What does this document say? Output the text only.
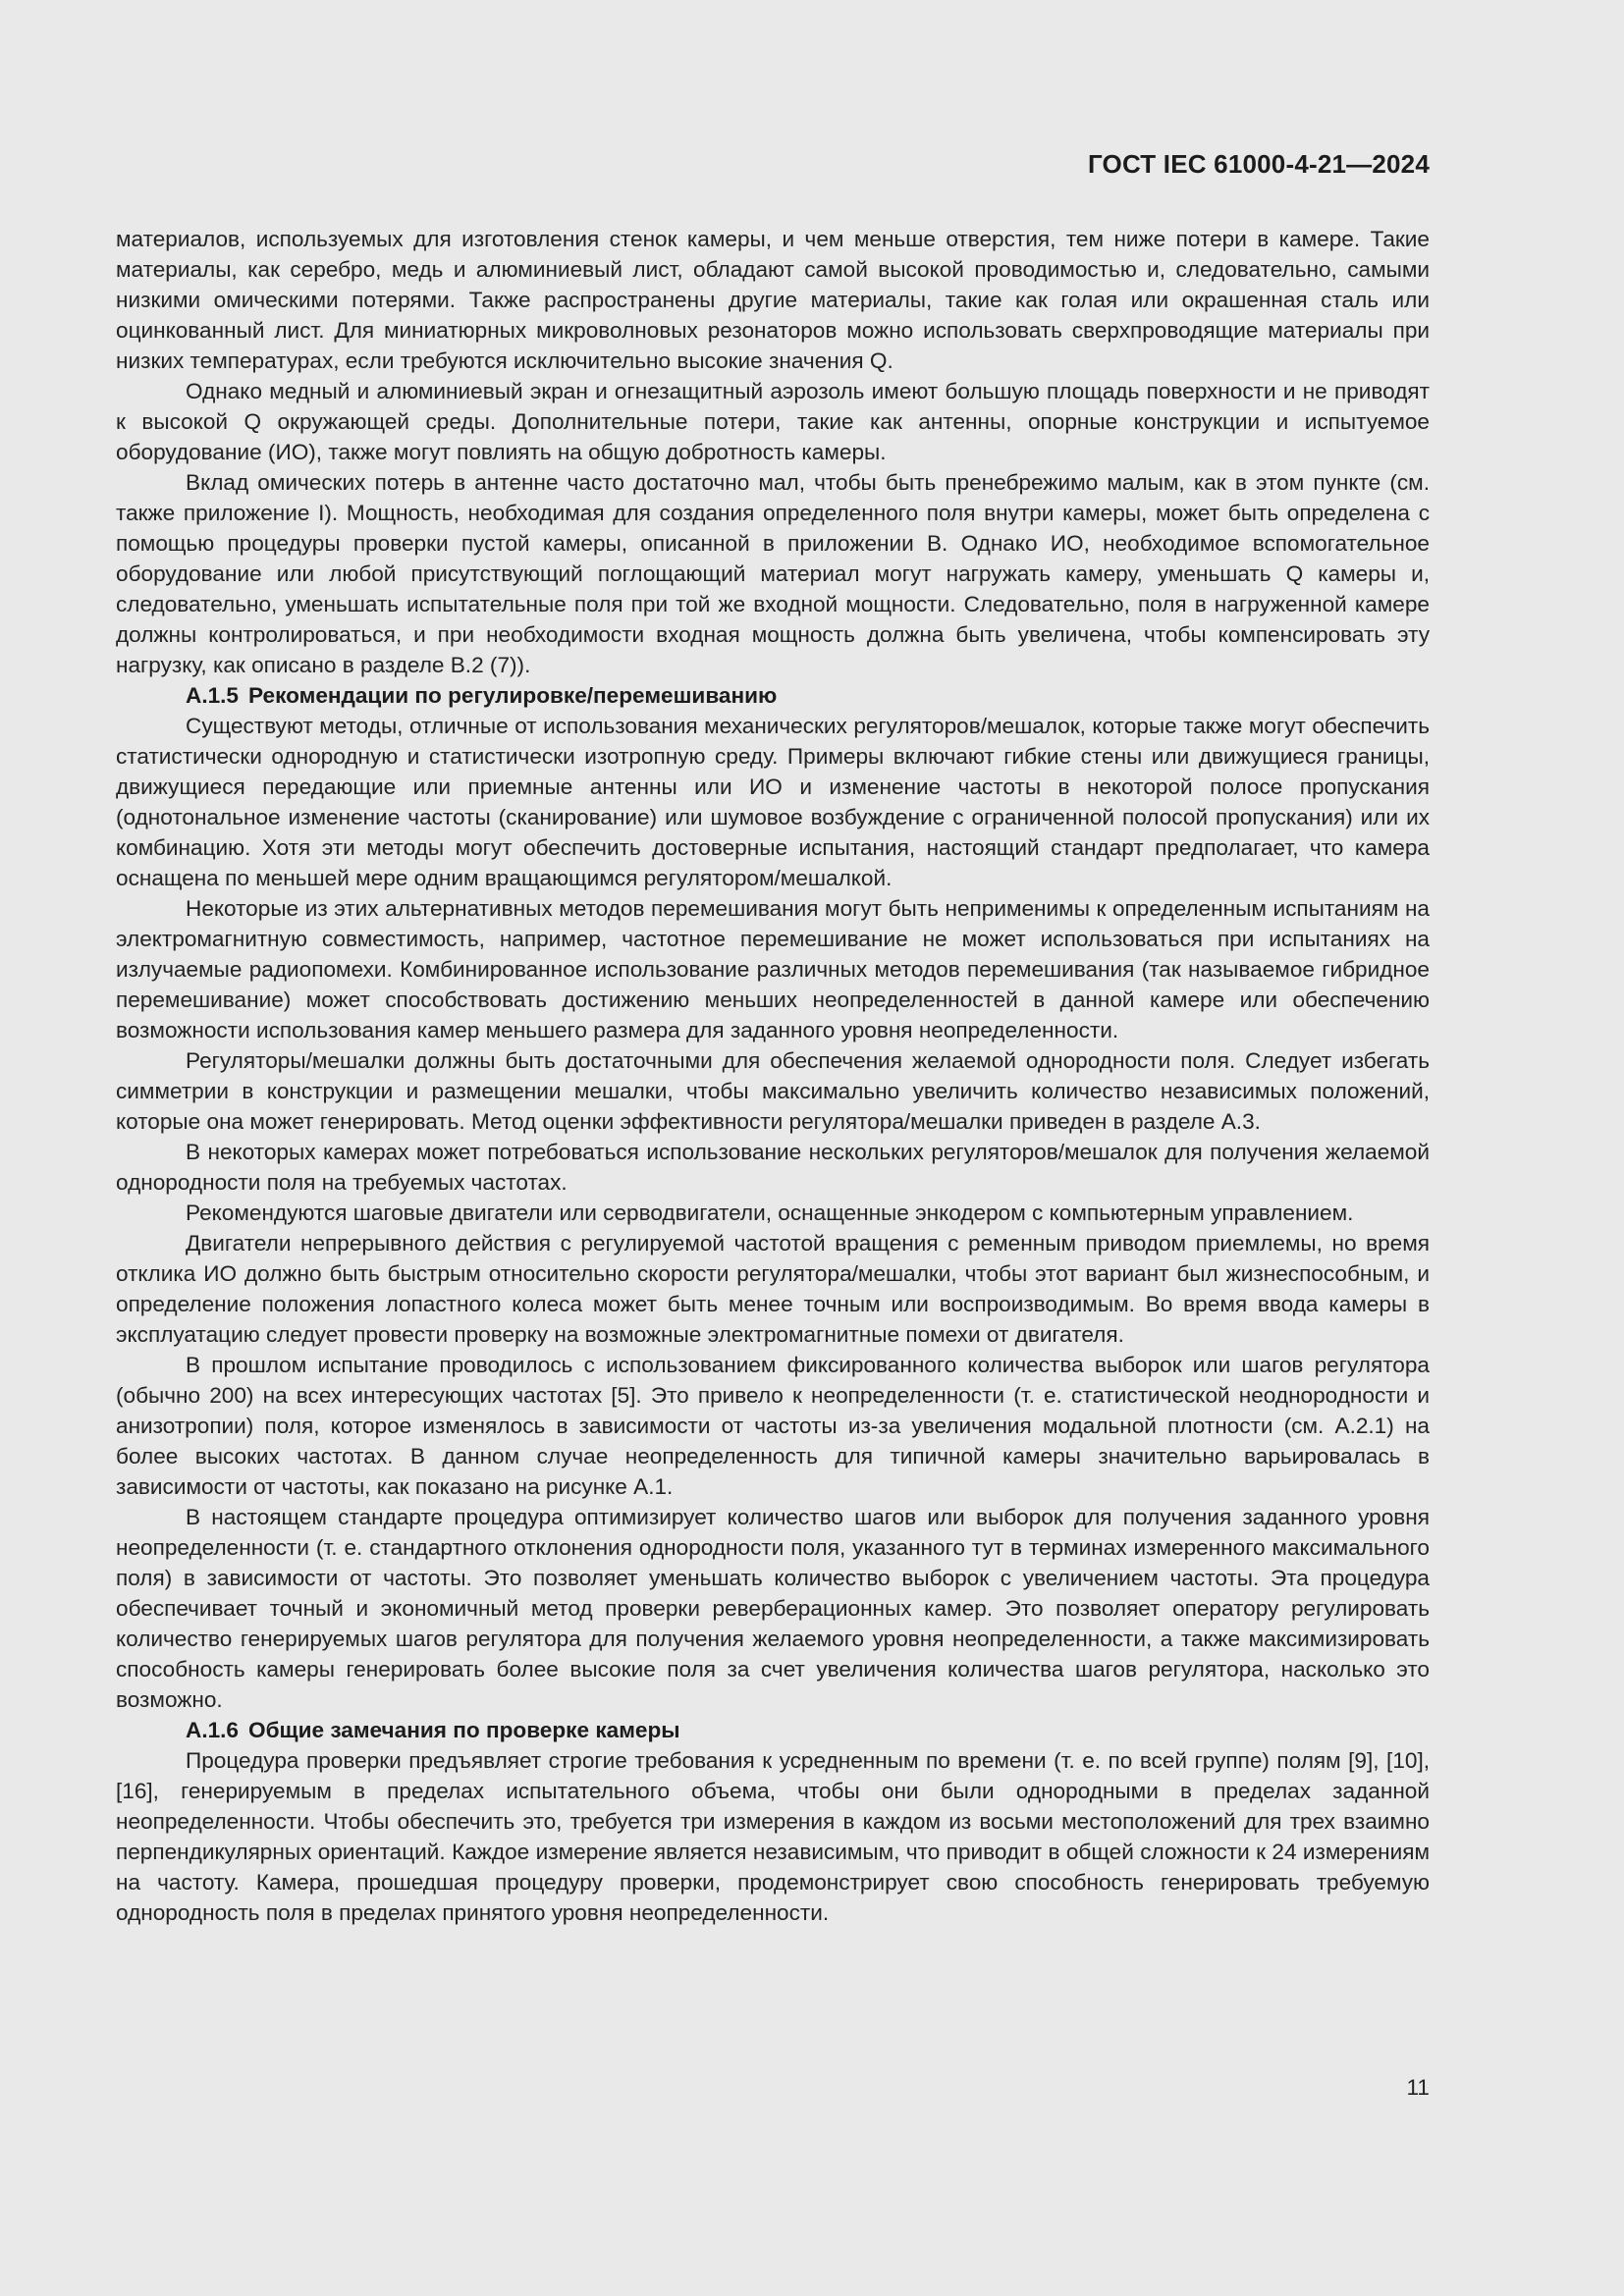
ГОСТ IEC 61000-4-21—2024

материалов, используемых для изготовления стенок камеры, и чем меньше отверстия, тем ниже потери в камере. Такие материалы, как серебро, медь и алюминиевый лист, обладают самой высокой проводимостью и, следовательно, самыми низкими омическими потерями. Также распространены другие материалы, такие как голая или окрашенная сталь или оцинкованный лист. Для миниатюрных микроволновых резонаторов можно использовать сверхпроводящие материалы при низких температурах, если требуются исключительно высокие значения Q.

Однако медный и алюминиевый экран и огнезащитный аэрозоль имеют большую площадь поверхности и не приводят к высокой Q окружающей среды. Дополнительные потери, такие как антенны, опорные конструкции и испытуемое оборудование (ИО), также могут повлиять на общую добротность камеры.

Вклад омических потерь в антенне часто достаточно мал, чтобы быть пренебрежимо малым, как в этом пункте (см. также приложение I). Мощность, необходимая для создания определенного поля внутри камеры, может быть определена с помощью процедуры проверки пустой камеры, описанной в приложении В. Однако ИО, необходимое вспомогательное оборудование или любой присутствующий поглощающий материал могут нагружать камеру, уменьшать Q камеры и, следовательно, уменьшать испытательные поля при той же входной мощности. Следовательно, поля в нагруженной камере должны контролироваться, и при необходимости входная мощность должна быть увеличена, чтобы компенсировать эту нагрузку, как описано в разделе В.2 (7)).

А.1.5 Рекомендации по регулировке/перемешиванию

Существуют методы, отличные от использования механических регуляторов/мешалок, которые также могут обеспечить статистически однородную и статистически изотропную среду. Примеры включают гибкие стены или движущиеся границы, движущиеся передающие или приемные антенны или ИО и изменение частоты в некоторой полосе пропускания (однотональное изменение частоты (сканирование) или шумовое возбуждение с ограниченной полосой пропускания) или их комбинацию. Хотя эти методы могут обеспечить достоверные испытания, настоящий стандарт предполагает, что камера оснащена по меньшей мере одним вращающимся регулятором/мешалкой.

Некоторые из этих альтернативных методов перемешивания могут быть неприменимы к определенным испытаниям на электромагнитную совместимость, например, частотное перемешивание не может использоваться при испытаниях на излучаемые радиопомехи. Комбинированное использование различных методов перемешивания (так называемое гибридное перемешивание) может способствовать достижению меньших неопределенностей в данной камере или обеспечению возможности использования камер меньшего размера для заданного уровня неопределенности.

Регуляторы/мешалки должны быть достаточными для обеспечения желаемой однородности поля. Следует избегать симметрии в конструкции и размещении мешалки, чтобы максимально увеличить количество независимых положений, которые она может генерировать. Метод оценки эффективности регулятора/мешалки приведен в разделе А.3.

В некоторых камерах может потребоваться использование нескольких регуляторов/мешалок для получения желаемой однородности поля на требуемых частотах.

Рекомендуются шаговые двигатели или серводвигатели, оснащенные энкодером с компьютерным управлением.

Двигатели непрерывного действия с регулируемой частотой вращения с ременным приводом приемлемы, но время отклика ИО должно быть быстрым относительно скорости регулятора/мешалки, чтобы этот вариант был жизнеспособным, и определение положения лопастного колеса может быть менее точным или воспроизводимым. Во время ввода камеры в эксплуатацию следует провести проверку на возможные электромагнитные помехи от двигателя.

В прошлом испытание проводилось с использованием фиксированного количества выборок или шагов регулятора (обычно 200) на всех интересующих частотах [5]. Это привело к неопределенности (т. е. статистической неоднородности и анизотропии) поля, которое изменялось в зависимости от частоты из-за увеличения модальной плотности (см. А.2.1) на более высоких частотах. В данном случае неопределенность для типичной камеры значительно варьировалась в зависимости от частоты, как показано на рисунке А.1.

В настоящем стандарте процедура оптимизирует количество шагов или выборок для получения заданного уровня неопределенности (т. е. стандартного отклонения однородности поля, указанного тут в терминах измеренного максимального поля) в зависимости от частоты. Это позволяет уменьшать количество выборок с увеличением частоты. Эта процедура обеспечивает точный и экономичный метод проверки реверберационных камер. Это позволяет оператору регулировать количество генерируемых шагов регулятора для получения желаемого уровня неопределенности, а также максимизировать способность камеры генерировать более высокие поля за счет увеличения количества шагов регулятора, насколько это возможно.

А.1.6 Общие замечания по проверке камеры

Процедура проверки предъявляет строгие требования к усредненным по времени (т. е. по всей группе) полям [9], [10], [16], генерируемым в пределах испытательного объема, чтобы они были однородными в пределах заданной неопределенности. Чтобы обеспечить это, требуется три измерения в каждом из восьми местоположений для трех взаимно перпендикулярных ориентаций. Каждое измерение является независимым, что приводит в общей сложности к 24 измерениям на частоту. Камера, прошедшая процедуру проверки, продемонстрирует свою способность генерировать требуемую однородность поля в пределах принятого уровня неопределенности.

11
